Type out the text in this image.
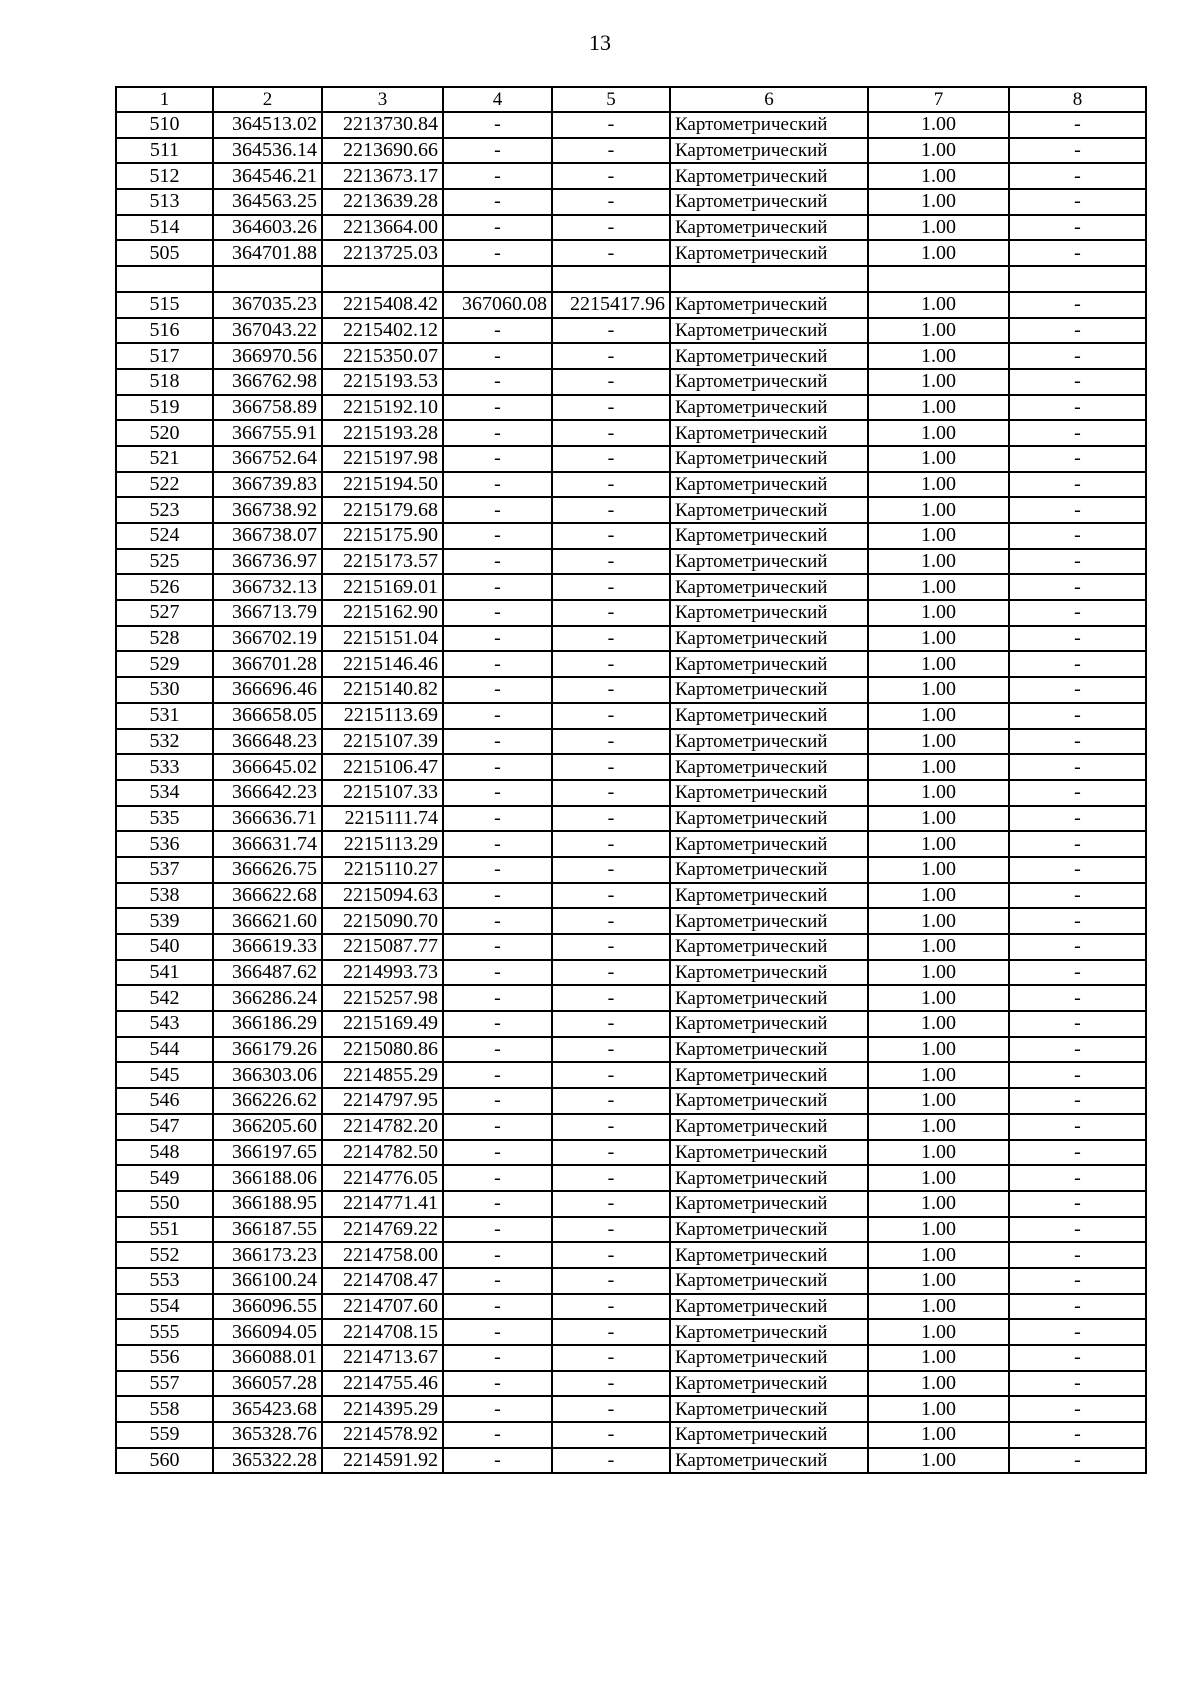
13
1	2	3	4	5	6	7	8
510	364513.02	2213730.84	-	-	Картометрический	1.00	-
511	364536.14	2213690.66	-	-	Картометрический	1.00	-
512	364546.21	2213673.17	-	-	Картометрический	1.00	-
513	364563.25	2213639.28	-	-	Картометрический	1.00	-
514	364603.26	2213664.00	-	-	Картометрический	1.00	-
505	364701.88	2213725.03	-	-	Картометрический	1.00	-

515	367035.23	2215408.42	367060.08	2215417.96	Картометрический	1.00	-
516	367043.22	2215402.12	-	-	Картометрический	1.00	-
517	366970.56	2215350.07	-	-	Картометрический	1.00	-
518	366762.98	2215193.53	-	-	Картометрический	1.00	-
519	366758.89	2215192.10	-	-	Картометрический	1.00	-
520	366755.91	2215193.28	-	-	Картометрический	1.00	-
521	366752.64	2215197.98	-	-	Картометрический	1.00	-
522	366739.83	2215194.50	-	-	Картометрический	1.00	-
523	366738.92	2215179.68	-	-	Картометрический	1.00	-
524	366738.07	2215175.90	-	-	Картометрический	1.00	-
525	366736.97	2215173.57	-	-	Картометрический	1.00	-
526	366732.13	2215169.01	-	-	Картометрический	1.00	-
527	366713.79	2215162.90	-	-	Картометрический	1.00	-
528	366702.19	2215151.04	-	-	Картометрический	1.00	-
529	366701.28	2215146.46	-	-	Картометрический	1.00	-
530	366696.46	2215140.82	-	-	Картометрический	1.00	-
531	366658.05	2215113.69	-	-	Картометрический	1.00	-
532	366648.23	2215107.39	-	-	Картометрический	1.00	-
533	366645.02	2215106.47	-	-	Картометрический	1.00	-
534	366642.23	2215107.33	-	-	Картометрический	1.00	-
535	366636.71	2215111.74	-	-	Картометрический	1.00	-
536	366631.74	2215113.29	-	-	Картометрический	1.00	-
537	366626.75	2215110.27	-	-	Картометрический	1.00	-
538	366622.68	2215094.63	-	-	Картометрический	1.00	-
539	366621.60	2215090.70	-	-	Картометрический	1.00	-
540	366619.33	2215087.77	-	-	Картометрический	1.00	-
541	366487.62	2214993.73	-	-	Картометрический	1.00	-
542	366286.24	2215257.98	-	-	Картометрический	1.00	-
543	366186.29	2215169.49	-	-	Картометрический	1.00	-
544	366179.26	2215080.86	-	-	Картометрический	1.00	-
545	366303.06	2214855.29	-	-	Картометрический	1.00	-
546	366226.62	2214797.95	-	-	Картометрический	1.00	-
547	366205.60	2214782.20	-	-	Картометрический	1.00	-
548	366197.65	2214782.50	-	-	Картометрический	1.00	-
549	366188.06	2214776.05	-	-	Картометрический	1.00	-
550	366188.95	2214771.41	-	-	Картометрический	1.00	-
551	366187.55	2214769.22	-	-	Картометрический	1.00	-
552	366173.23	2214758.00	-	-	Картометрический	1.00	-
553	366100.24	2214708.47	-	-	Картометрический	1.00	-
554	366096.55	2214707.60	-	-	Картометрический	1.00	-
555	366094.05	2214708.15	-	-	Картометрический	1.00	-
556	366088.01	2214713.67	-	-	Картометрический	1.00	-
557	366057.28	2214755.46	-	-	Картометрический	1.00	-
558	365423.68	2214395.29	-	-	Картометрический	1.00	-
559	365328.76	2214578.92	-	-	Картометрический	1.00	-
560	365322.28	2214591.92	-	-	Картометрический	1.00	-
